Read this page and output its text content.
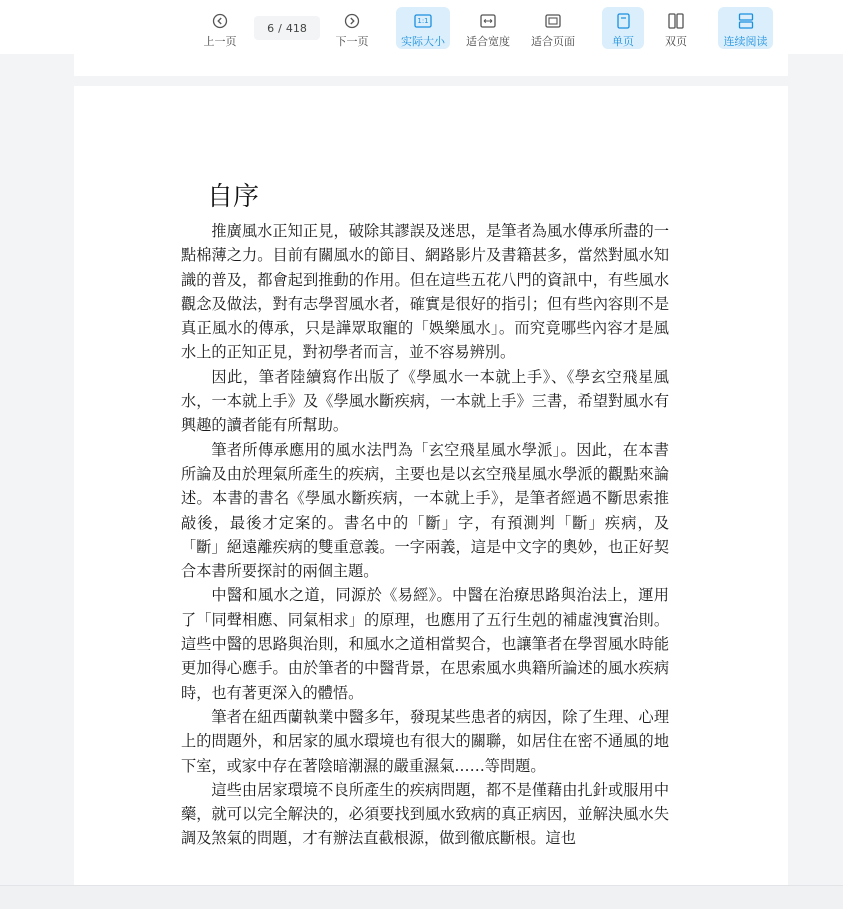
上一页
6 / 418
下一页
1:1
实际大小 适合宽度 适合页面	单页	双页	连续阅读
自序

推廣風水正知正見，破除其謬誤及迷思，是筆者為風水傳承所盡的一點棉薄之力。目前有關風水的節目、網路影片及書籍甚多，當然對風水知識的普及，都會起到推動的作用。但在這些五花八門的資訊中，有些風水觀念及做法，對有志學習風水者，確實是很好的指引；但有些內容則不是真正風水的傳承，只是譁眾取寵的「娛樂風水」。而究竟哪些內容才是風水上的正知正見，對初學者而言，並不容易辨別。

因此，筆者陸續寫作出版了《學風水一本就上手》、《學玄空飛星風水，一本就上手》及《學風水斷疾病，一本就上手》三書，希望對風水有興趣的讀者能有所幫助。

筆者所傳承應用的風水法門為「玄空飛星風水學派」。因此，在本書所論及由於理氣所產生的疾病，主要也是以玄空飛星風水學派的觀點來論述。本書的書名《學風水斷疾病，一本就上手》，是筆者經過不斷思索推敲後，最後才定案的。書名中的「斷」字，有預測判「斷」疾病，及「斷」絕遠離疾病的雙重意義。一字兩義，這是中文字的奧妙，也正好契合本書所要探討的兩個主題。

中醫和風水之道，同源於《易經》。中醫在治療思路與治法上，運用了「同聲相應、同氣相求」的原理，也應用了五行生剋的補虛洩實治則。這些中醫的思路與治則，和風水之道相當契合，也讓筆者在學習風水時能更加得心應手。由於筆者的中醫背景，在思索風水典籍所論述的風水疾病時，也有著更深入的體悟。

筆者在紐西蘭執業中醫多年，發現某些患者的病因，除了生理、心理上的問題外，和居家的風水環境也有很大的關聯，如居住在密不通風的地下室，或家中存在著陰暗潮濕的嚴重濕氣……等問題。

這些由居家環境不良所產生的疾病問題，都不是僅藉由扎針或服用中藥，就可以完全解決的，必須要找到風水致病的真正病因，並解決風水失調及煞氣的問題，才有辦法直截根源，做到徹底斷根。這也
